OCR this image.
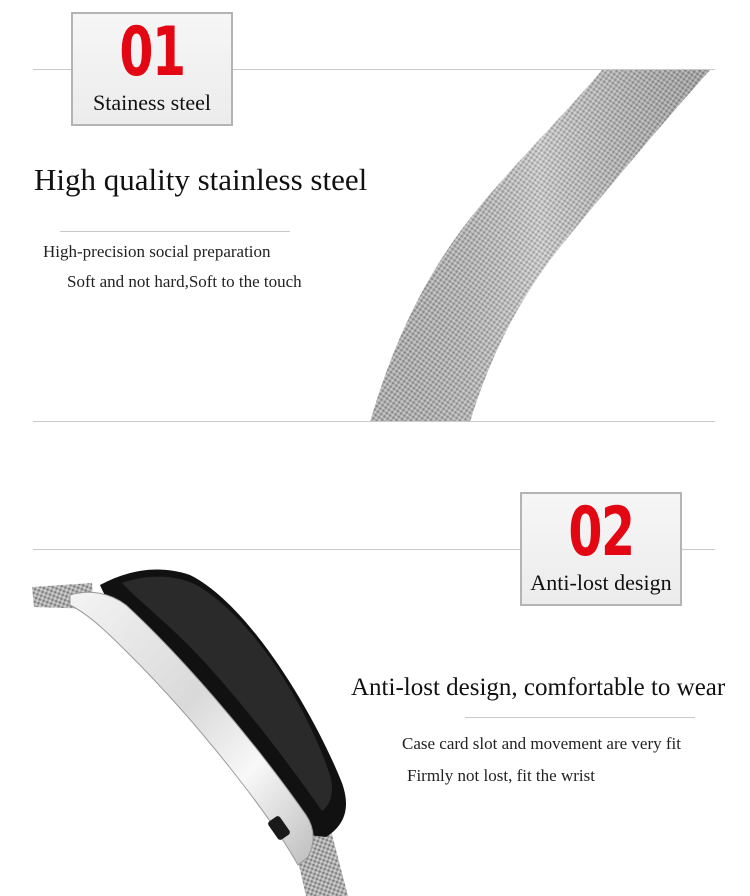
01
Stainess steel
High quality stainless steel
High-precision social preparation
Soft and not hard,Soft to the touch
02
Anti-lost design
Anti-lost design, comfortable to wear
Case card slot and movement are very fit
Firmly not lost, fit the wrist
